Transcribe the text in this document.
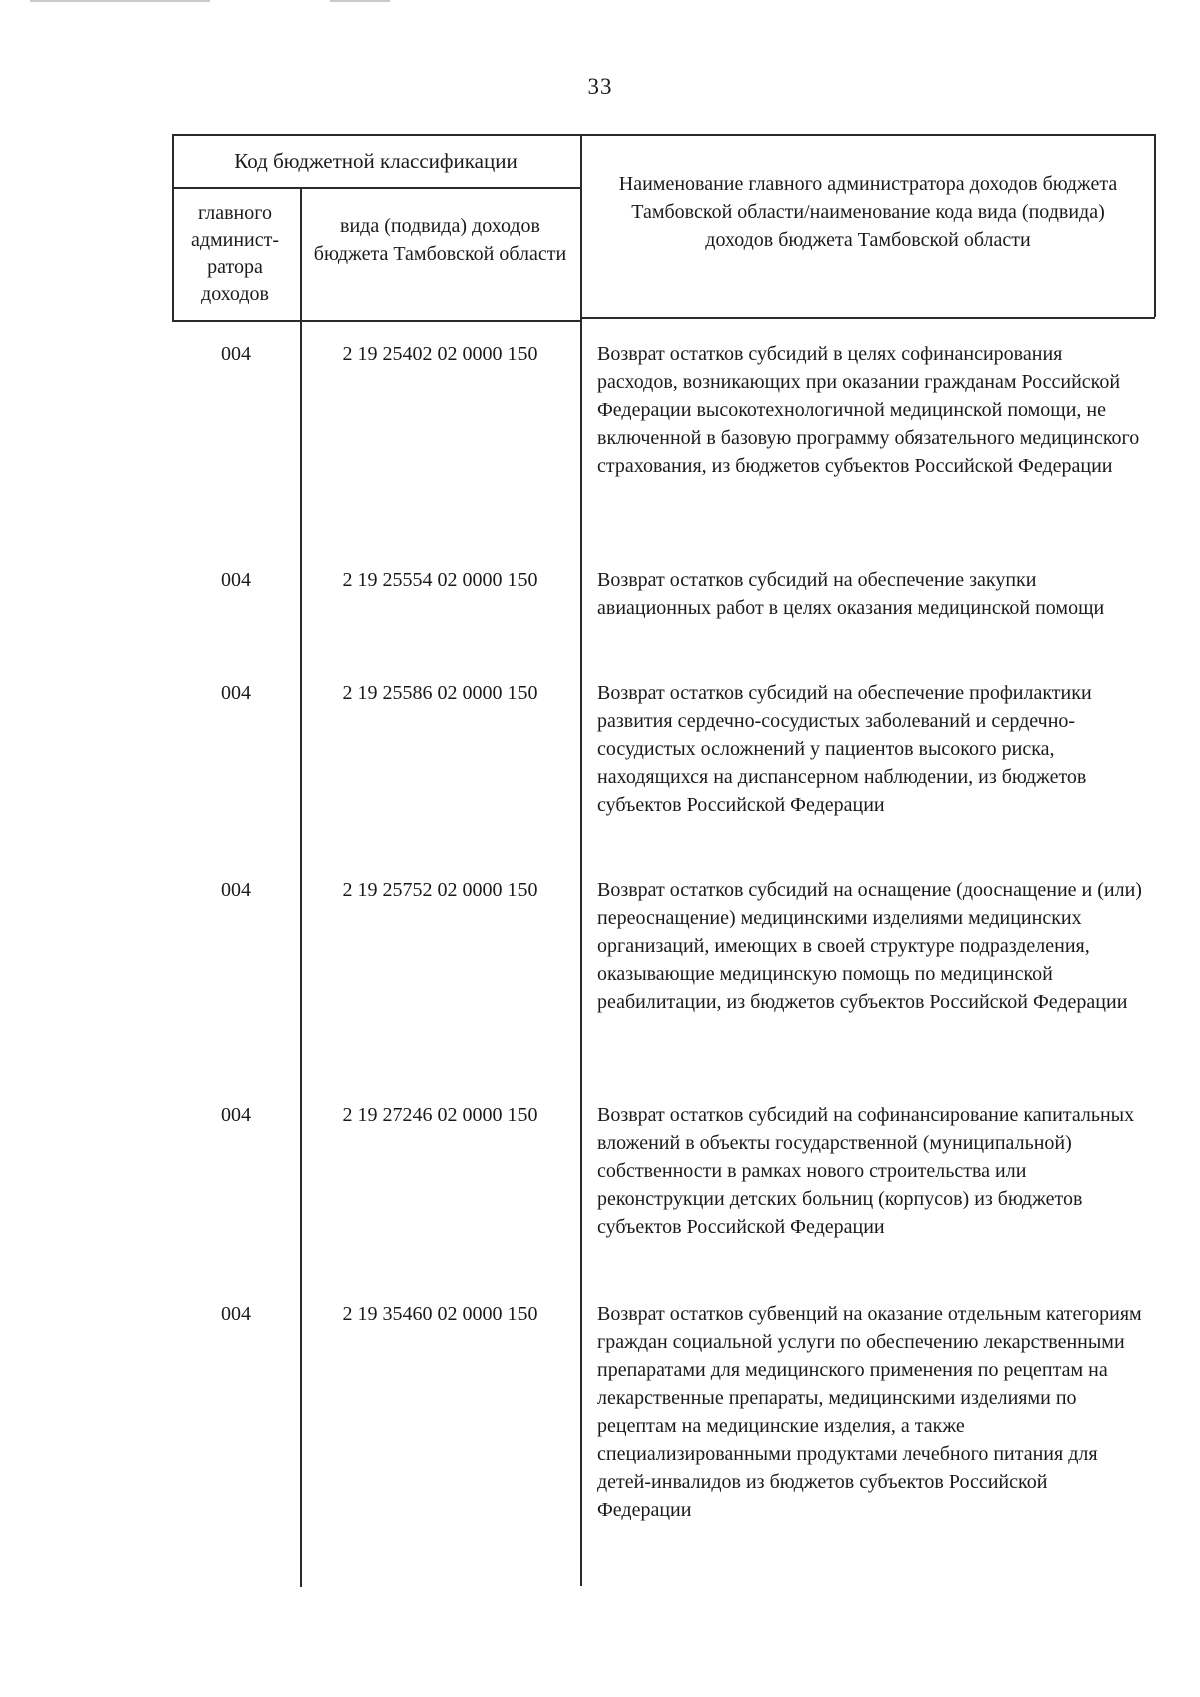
33
Код бюджетной классификации
главного админист-ратора доходов
вида (подвида) доходов бюджета Тамбовской области
Наименование главного администратора доходов бюджета Тамбовской области/наименование кода вида (подвида) доходов бюджета Тамбовской области
004	2 19 25402 02 0000 150	Возврат остатков субсидий в целях софинансирования расходов, возникающих при оказании гражданам Российской Федерации высокотехнологичной медицинской помощи, не включенной в базовую программу обязательного медицинского страхования, из бюджетов субъектов Российской Федерации
004	2 19 25554 02 0000 150	Возврат остатков субсидий на обеспечение закупки авиационных работ в целях оказания медицинской помощи
004	2 19 25586 02 0000 150	Возврат остатков субсидий на обеспечение профилактики развития сердечно-сосудистых заболеваний и сердечно-сосудистых осложнений у пациентов высокого риска, находящихся на диспансерном наблюдении, из бюджетов субъектов Российской Федерации
004	2 19 25752 02 0000 150	Возврат остатков субсидий на оснащение (дооснащение и (или) переоснащение) медицинскими изделиями медицинских организаций, имеющих в своей структуре подразделения, оказывающие медицинскую помощь по медицинской реабилитации, из бюджетов субъектов Российской Федерации
004	2 19 27246 02 0000 150	Возврат остатков субсидий на софинансирование капитальных вложений в объекты государственной (муниципальной) собственности в рамках нового строительства или реконструкции детских больниц (корпусов) из бюджетов субъектов Российской Федерации
004	2 19 35460 02 0000 150	Возврат остатков субвенций на оказание отдельным категориям граждан социальной услуги по обеспечению лекарственными препаратами для медицинского применения по рецептам на лекарственные препараты, медицинскими изделиями по рецептам на медицинские изделия, а также специализированными продуктами лечебного питания для детей-инвалидов из бюджетов субъектов Российской Федерации
